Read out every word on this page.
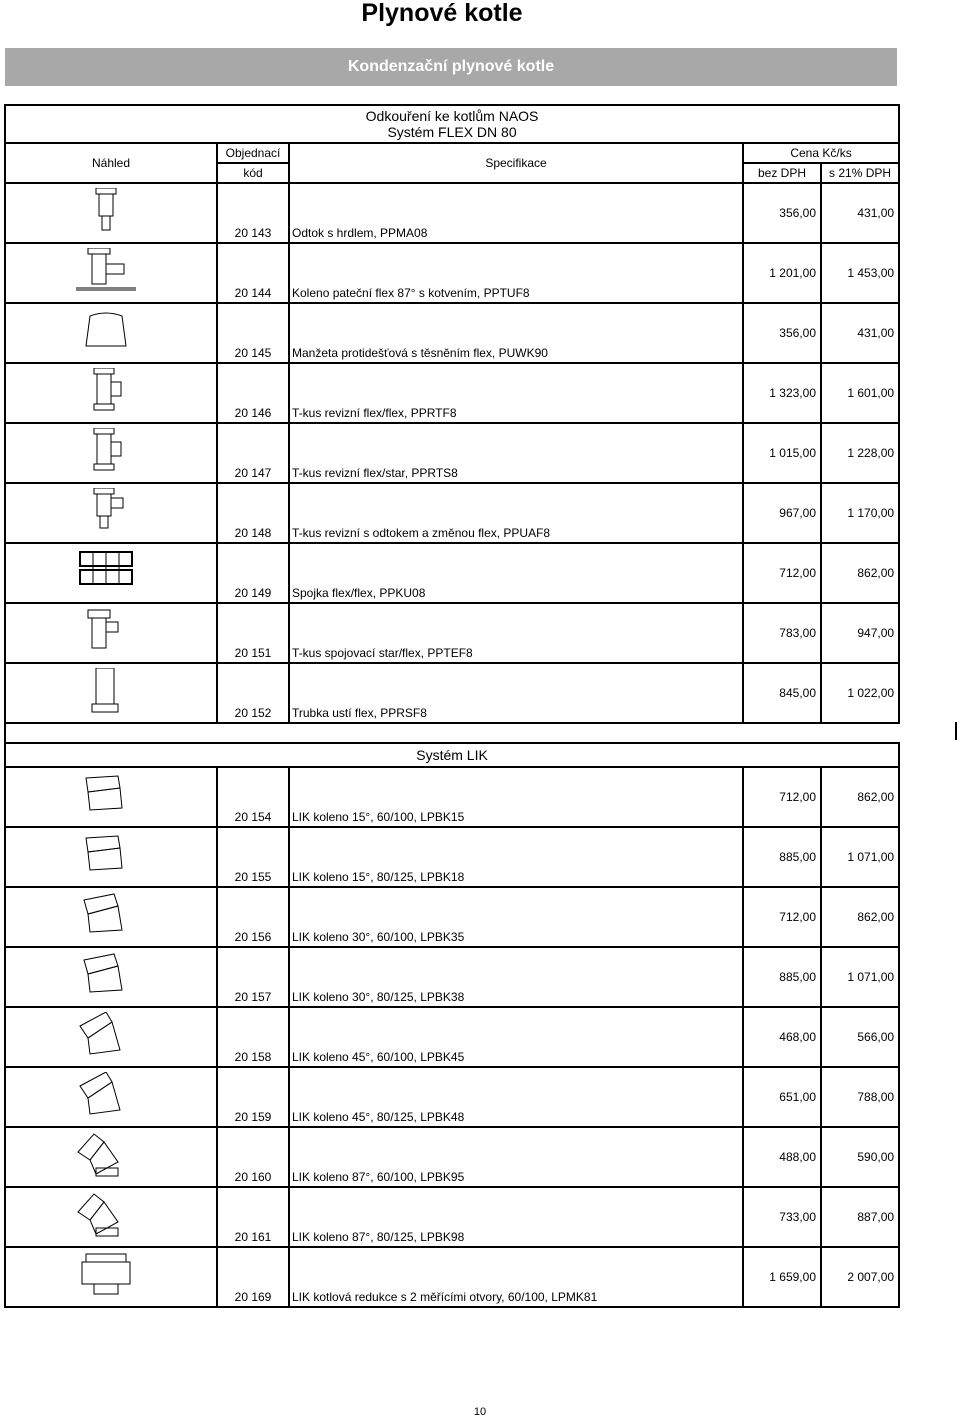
Plynové kotle
Kondenzační plynové kotle
Odkouření ke kotlům NAOS
Systém FLEX DN 80				

Náhled	Objednací	Specifikace	Cena Kč/ks	
	kód		bez DPH	s 21% DPH

	20 143	Odtok s hrdlem, PPMA08	356,00	431,00

	20 144	Koleno pateční flex 87° s kotvením, PPTUF8	1 201,00	1 453,00

	20 145	Manžeta protidešťová s těsněním flex, PUWK90	356,00	431,00

	20 146	T-kus revizní flex/flex, PPRTF8	1 323,00	1 601,00

	20 147	T-kus revizní flex/star, PPRTS8	1 015,00	1 228,00

	20 148	T-kus revizní s odtokem a změnou flex, PPUAF8	967,00	1 170,00

	20 149	Spojka flex/flex, PPKU08	712,00	862,00

	20 151	T-kus spojovací star/flex, PPTEF8	783,00	947,00

	20 152	Trubka ustí flex, PPRSF8	845,00	1 022,00

Systém LIK				

	20 154	LIK koleno 15°, 60/100, LPBK15	712,00	862,00

	20 155	LIK koleno 15°, 80/125, LPBK18	885,00	1 071,00

	20 156	LIK koleno 30°, 60/100, LPBK35	712,00	862,00

	20 157	LIK koleno 30°, 80/125, LPBK38	885,00	1 071,00

	20 158	LIK koleno 45°, 60/100, LPBK45	468,00	566,00

	20 159	LIK koleno 45°, 80/125, LPBK48	651,00	788,00

	20 160	LIK koleno 87°, 60/100, LPBK95	488,00	590,00

	20 161	LIK koleno 87°, 80/125, LPBK98	733,00	887,00

	20 169	LIK kotlová redukce s 2 měřícími otvory, 60/100, LPMK81	1 659,00	2 007,00
10
